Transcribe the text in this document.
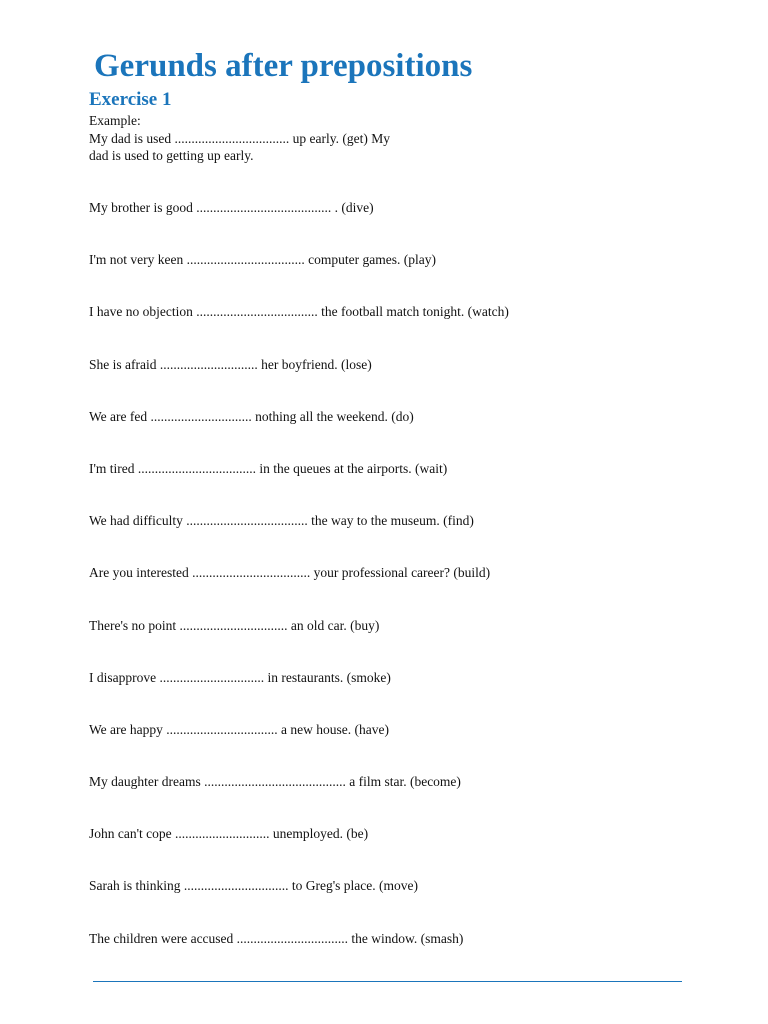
Gerunds after prepositions
Exercise 1
Example:
My dad is used .................................. up early. (get) My
dad is used to getting up early.
My brother is good ........................................ . (dive)
I'm not very keen ................................... computer games. (play)
I have no objection .................................... the football match tonight. (watch)
She is afraid ............................. her boyfriend. (lose)
We are fed .............................. nothing all the weekend. (do)
I'm tired ................................... in the queues at the airports. (wait)
We had difficulty .................................... the way to the museum. (find)
Are you interested ................................... your professional career? (build)
There's no point ................................ an old car. (buy)
I disapprove ............................... in restaurants. (smoke)
We are happy ................................. a new house. (have)
My daughter dreams .......................................... a film star. (become)
John can't cope ............................ unemployed. (be)
Sarah is thinking ............................... to Greg's place. (move)
The children were accused ................................. the window. (smash)
